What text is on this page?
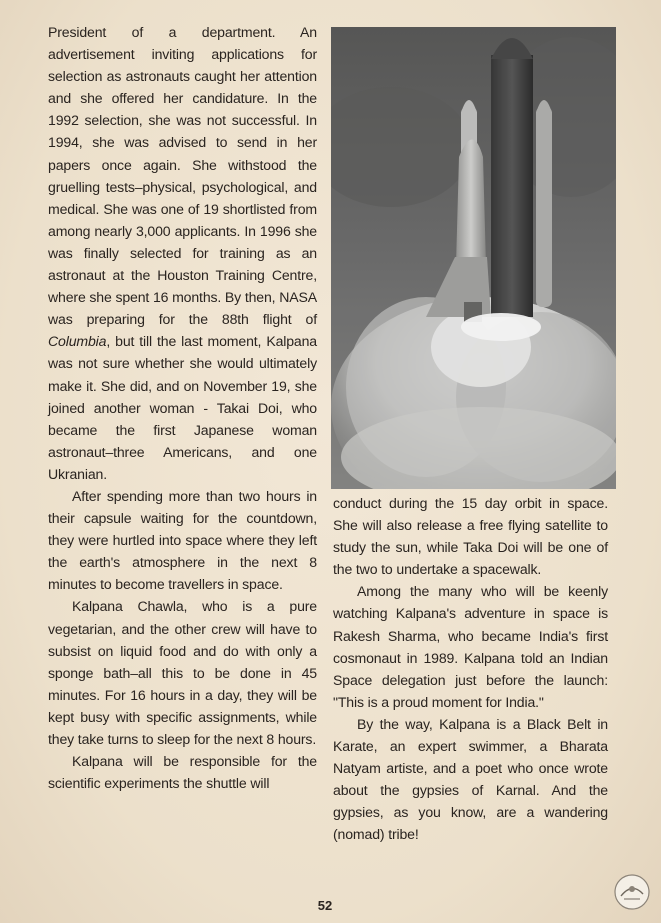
President of a department. An advertisement inviting applications for selection as astronauts caught her attention and she offered her candidature. In the 1992 selection, she was not successful. In 1994, she was advised to send in her papers once again. She withstood the gruelling tests–physical, psychological, and medical. She was one of 19 shortlisted from among nearly 3,000 applicants. In 1996 she was finally selected for training as an astronaut at the Houston Training Centre, where she spent 16 months. By then, NASA was preparing for the 88th flight of Columbia, but till the last moment, Kalpana was not sure whether she would ultimately make it. She did, and on November 19, she joined another woman - Takai Doi, who became the first Japanese woman astronaut–three Americans, and one Ukranian.

After spending more than two hours in their capsule waiting for the countdown, they were hurtled into space where they left the earth's atmosphere in the next 8 minutes to become travellers in space.

Kalpana Chawla, who is a pure vegetarian, and the other crew will have to subsist on liquid food and do with only a sponge bath–all this to be done in 45 minutes. For 16 hours in a day, they will be kept busy with specific assignments, while they take turns to sleep for the next 8 hours.

Kalpana will be responsible for the scientific experiments the shuttle will

conduct during the 15 day orbit in space. She will also release a free flying satellite to study the sun, while Taka Doi will be one of the two to undertake a spacewalk.

Among the many who will be keenly watching Kalpana's adventure in space is Rakesh Sharma, who became India's first cosmonaut in 1989. Kalpana told an Indian Space delegation just before the launch: "This is a proud moment for India."

By the way, Kalpana is a Black Belt in Karate, an expert swimmer, a Bharata Natyam artiste, and a poet who once wrote about the gypsies of Karnal. And the gypsies, as you know, are a wandering (nomad) tribe!

52
